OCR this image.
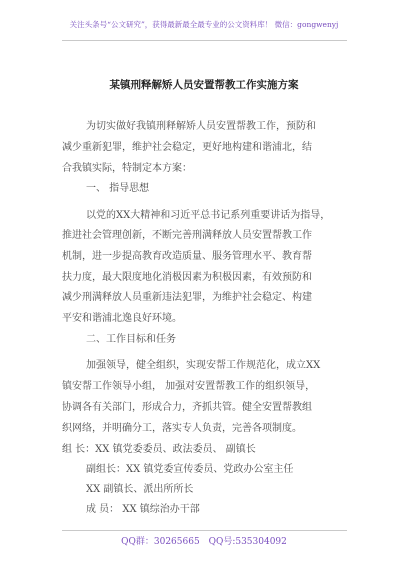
关注头条号“公文研究”，获得最新最全最专业的公文资料库！ 微信：gongwenyj
某镇刑释解矫人员安置帮教工作实施方案
为切实做好我镇刑释解矫人员安置帮教工作，预防和
减少重新犯罪，维护社会稳定，更好地构建和谐浦北，结
合我镇实际，特制定本方案：
一、 指导思想
以党的XX大精神和习近平总书记系列重要讲话为指导，
推进社会管理创新，不断完善刑满释放人员安置帮教工作
机制，进一步提高教育改造质量、服务管理水平、教育帮
扶力度，最大限度地化消极因素为积极因素，有效预防和
减少刑满释放人员重新违法犯罪，为维护社会稳定、构建
平安和谐浦北逸良好环境。
二、工作目标和任务
加强领导，健全组织，实现安帮工作规范化，成立XX
镇安帮工作领导小组， 加强对安置帮教工作的组织领导，
协调各有关部门，形成合力，齐抓共管。健全安置帮教组
织网络，并明确分工，落实专人负责，完善各项制度。
组 长：XX 镇党委委员、政法委员、 副镇长
副组长：XX 镇党委宣传委员、党政办公室主任
XX 副镇长、派出所所长
成 员： XX 镇综治办干部
QQ群：30265665 QQ号:535304092
